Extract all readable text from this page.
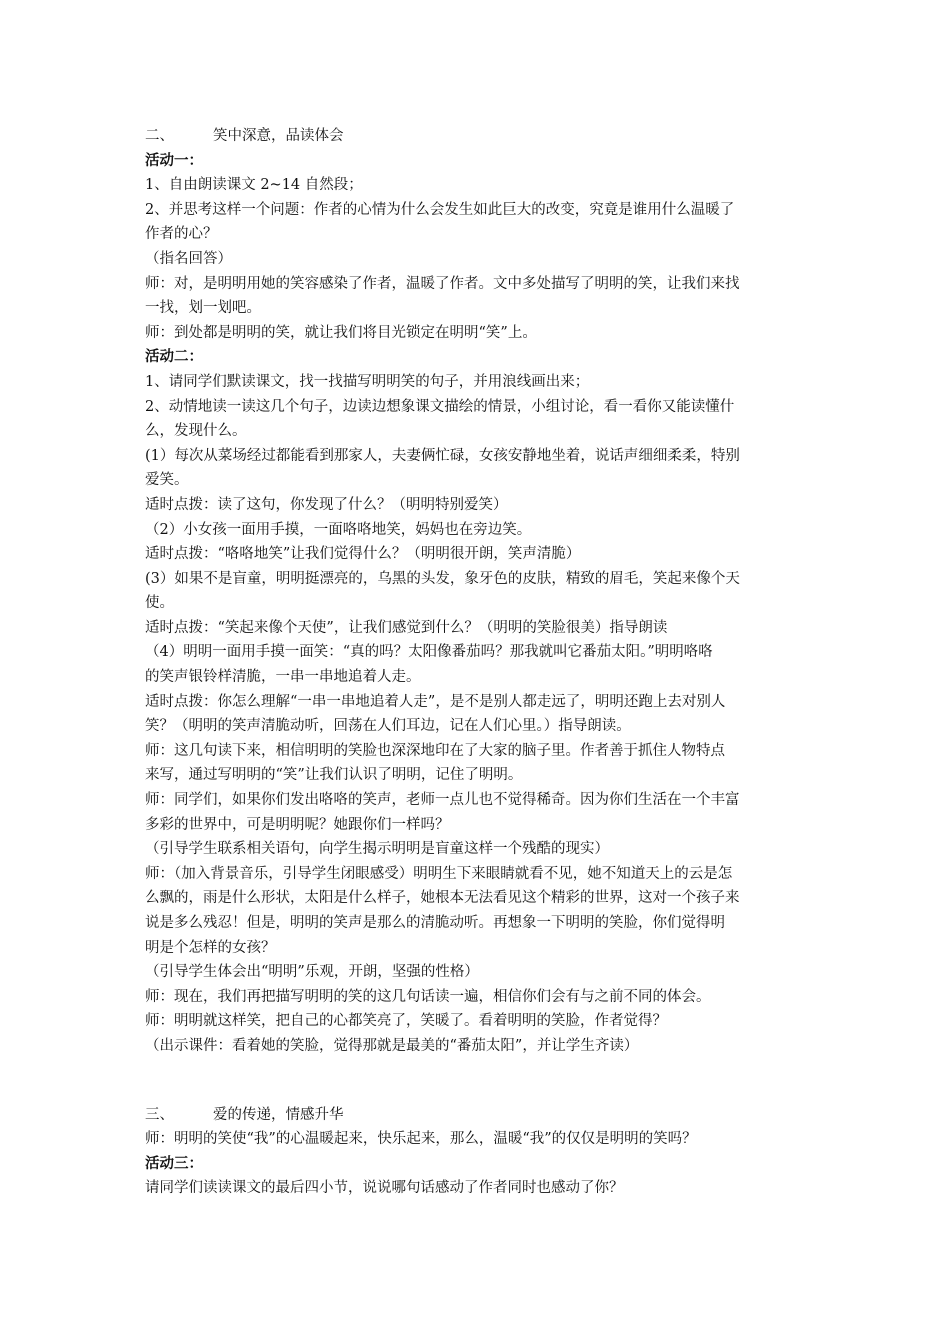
二、	笑中深意，品读体会
活动一：
1、自由朗读课文 2~14 自然段；
2、并思考这样一个问题：作者的心情为什么会发生如此巨大的改变，究竟是谁用什么温暖了
作者的心？
（指名回答）
师：对，是明明用她的笑容感染了作者，温暖了作者。文中多处描写了明明的笑，让我们来找
一找，划一划吧。
师：到处都是明明的笑，就让我们将目光锁定在明明“笑”上。
活动二：
1、请同学们默读课文，找一找描写明明笑的句子，并用浪线画出来；
2、动情地读一读这几个句子，边读边想象课文描绘的情景，小组讨论，看一看你又能读懂什
么，发现什么。
(1）每次从菜场经过都能看到那家人，夫妻俩忙碌，女孩安静地坐着，说话声细细柔柔，特别
爱笑。
适时点拨：读了这句，你发现了什么？（明明特别爱笑）
（2）小女孩一面用手摸，一面咯咯地笑，妈妈也在旁边笑。
适时点拨：“咯咯地笑”让我们觉得什么？（明明很开朗，笑声清脆）
(3）如果不是盲童，明明挺漂亮的，乌黑的头发，象牙色的皮肤，精致的眉毛，笑起来像个天
使。
适时点拨：“笑起来像个天使”，让我们感觉到什么？（明明的笑脸很美）指导朗读
（4）明明一面用手摸一面笑：“真的吗？太阳像番茄吗？那我就叫它番茄太阳。”明明咯咯
的笑声银铃样清脆，一串一串地追着人走。
适时点拨：你怎么理解“一串一串地追着人走”，是不是别人都走远了，明明还跑上去对别人
笑？（明明的笑声清脆动听，回荡在人们耳边，记在人们心里。）指导朗读。
师：这几句读下来，相信明明的笑脸也深深地印在了大家的脑子里。作者善于抓住人物特点
来写，通过写明明的“笑”让我们认识了明明，记住了明明。
师：同学们，如果你们发出咯咯的笑声，老师一点儿也不觉得稀奇。因为你们生活在一个丰富
多彩的世界中，可是明明呢？她跟你们一样吗？
（引导学生联系相关语句，向学生揭示明明是盲童这样一个残酷的现实）
师：（加入背景音乐，引导学生闭眼感受）明明生下来眼睛就看不见，她不知道天上的云是怎
么飘的，雨是什么形状，太阳是什么样子，她根本无法看见这个精彩的世界，这对一个孩子来
说是多么残忍！但是，明明的笑声是那么的清脆动听。再想象一下明明的笑脸，你们觉得明
明是个怎样的女孩？
（引导学生体会出“明明”乐观，开朗，坚强的性格）
师：现在，我们再把描写明明的笑的这几句话读一遍，相信你们会有与之前不同的体会。
师：明明就这样笑，把自己的心都笑亮了，笑暖了。看着明明的笑脸，作者觉得？
（出示课件：看着她的笑脸，觉得那就是最美的“番茄太阳”，并让学生齐读）
三、	爱的传递，情感升华
师：明明的笑使“我”的心温暖起来，快乐起来，那么，温暖“我”的仅仅是明明的笑吗？
活动三：
请同学们读读课文的最后四小节，说说哪句话感动了作者同时也感动了你？
